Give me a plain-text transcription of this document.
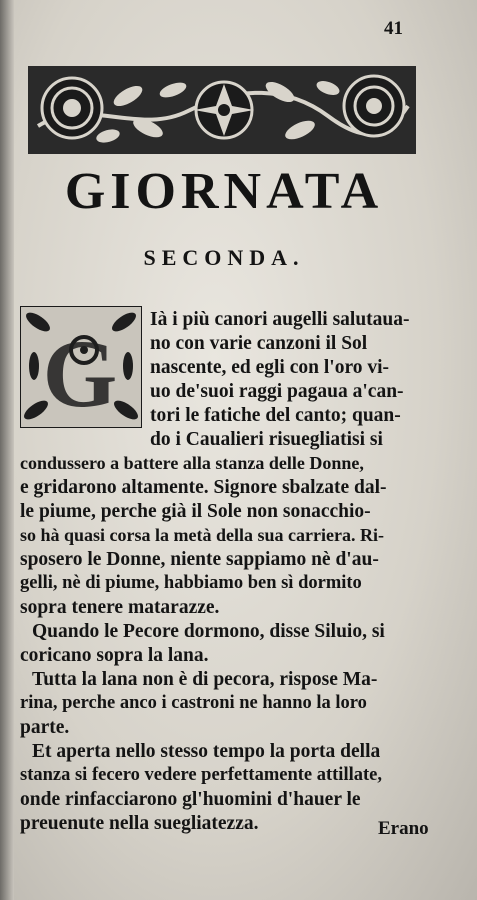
41
GIORNATA
SECONDA.
G
Ià i più canori augelli salutaua-
no con varie canzoni il Sol
nascente, ed egli con l'oro vi-
uo de'suoi raggi pagaua a'can-
tori le fatiche del canto; quan-
do i Caualieri risuegliatisi si
condussero a battere alla stanza delle Donne,
e gridarono altamente. Signore sbalzate dal-
le piume, perche già il Sole non sonacchio-
so hà quasi corsa la metà della sua carriera. Ri-
sposero le Donne, niente sappiamo nè d'au-
gelli, nè di piume, habbiamo ben sì dormito
sopra tenere matarazze.
Quando le Pecore dormono, disse Siluio, si
coricano sopra la lana.
Tutta la lana non è di pecora, rispose Ma-
rina, perche anco i castroni ne hanno la loro
parte.
Et aperta nello stesso tempo la porta della
stanza si fecero vedere perfettamente attillate,
onde rinfacciarono gl'huomini d'hauer le
preuenute nella suegliatezza.	Erano
